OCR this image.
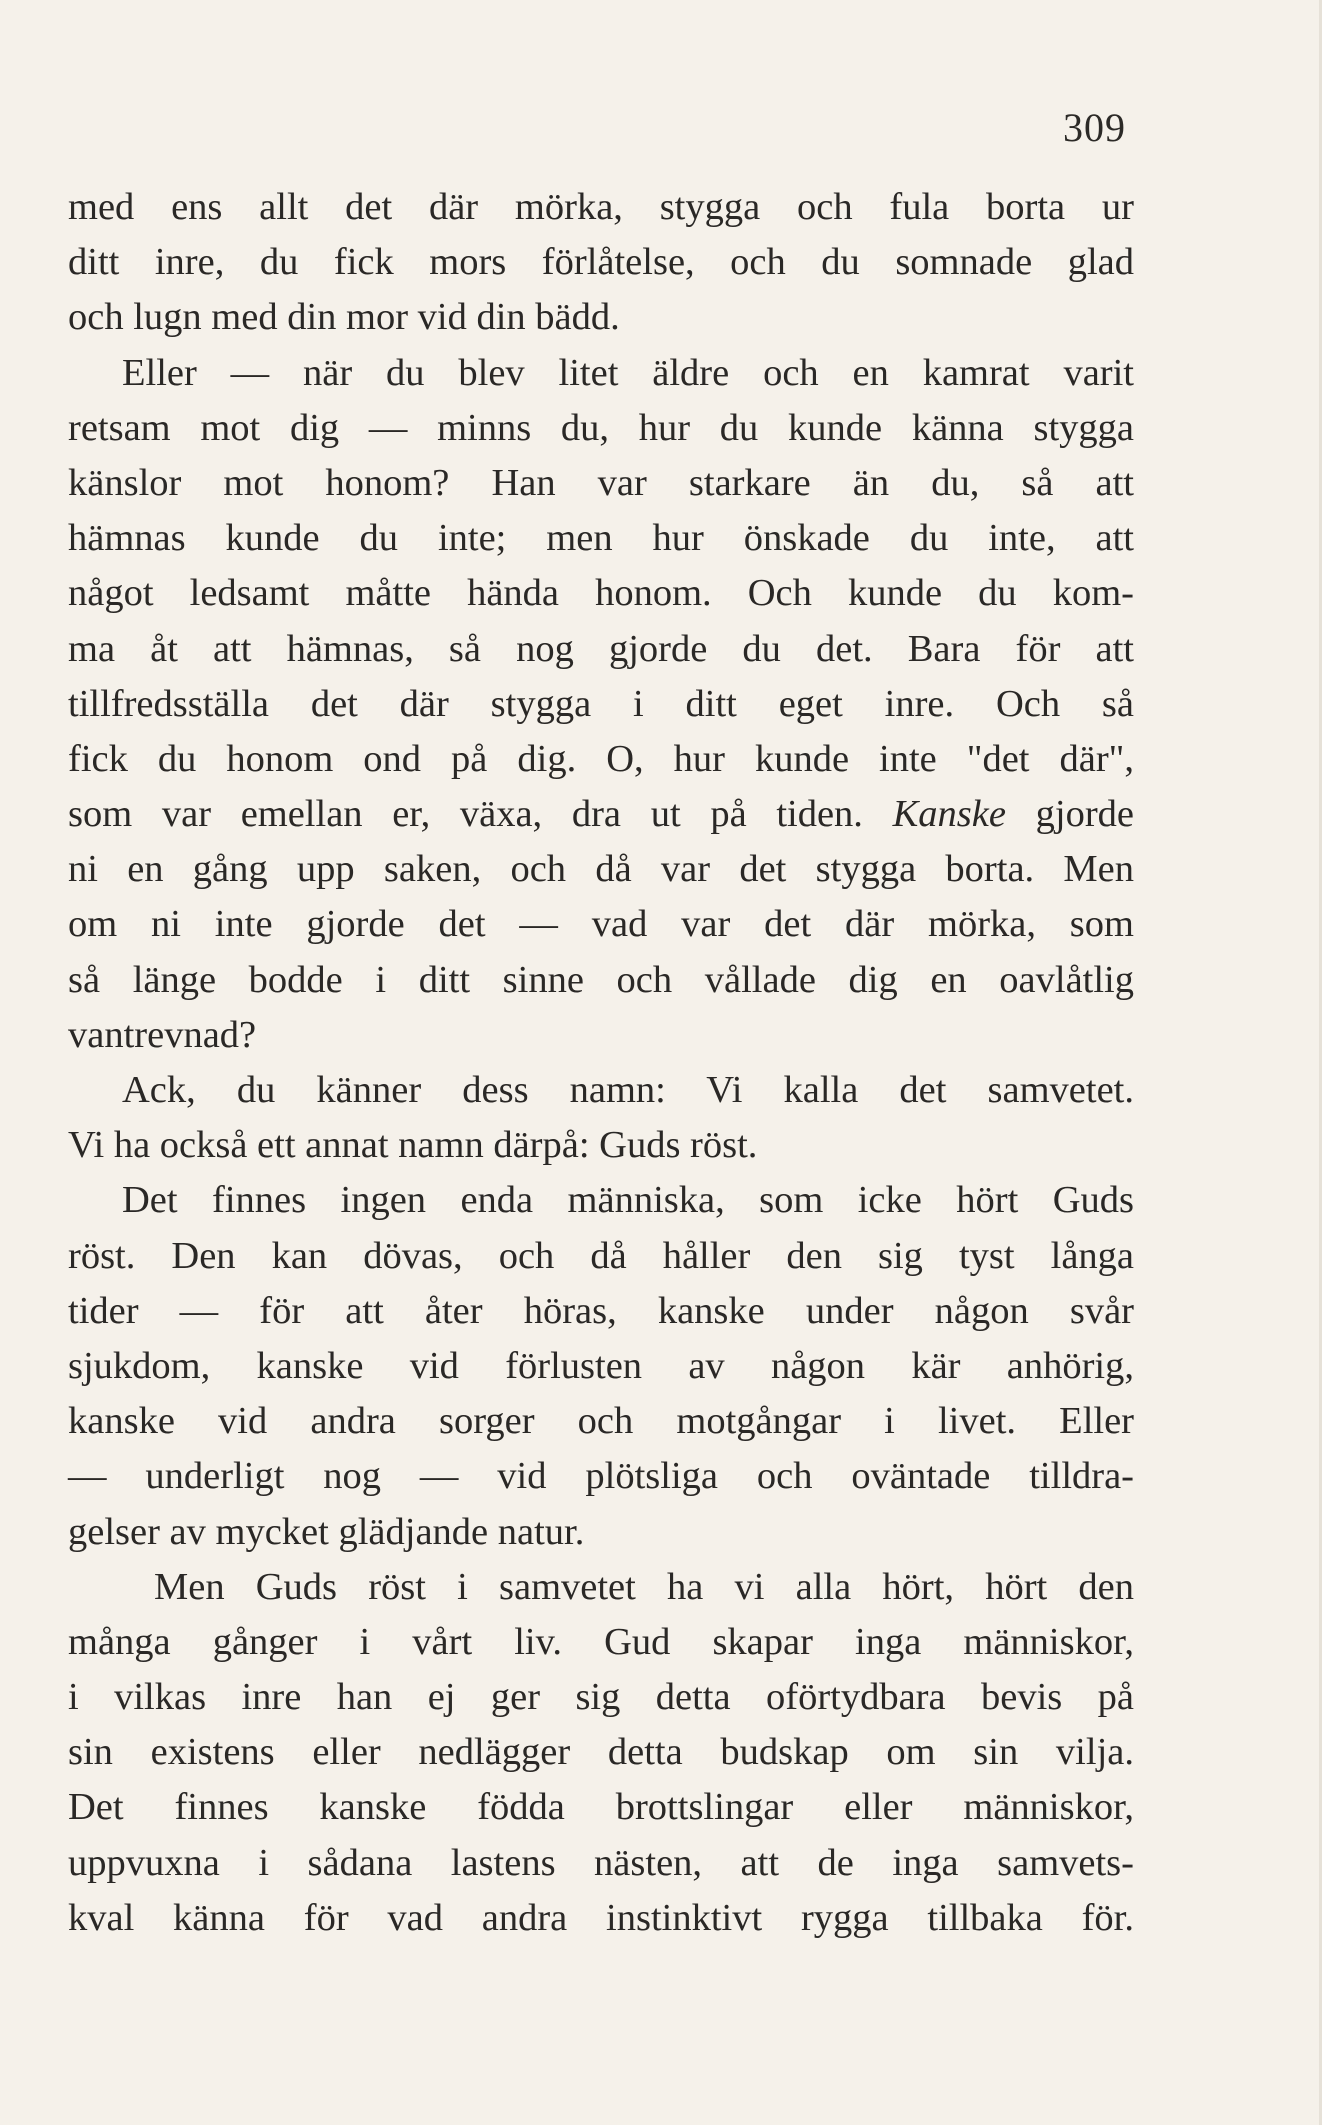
309
med ens allt det där mörka, stygga och fula borta ur
ditt inre, du fick mors förlåtelse, och du somnade glad
och lugn med din mor vid din bädd.
Eller — när du blev litet äldre och en kamrat varit
retsam mot dig — minns du, hur du kunde känna stygga
känslor mot honom? Han var starkare än du, så att
hämnas kunde du inte; men hur önskade du inte, att
något ledsamt måtte hända honom. Och kunde du kom-
ma åt att hämnas, så nog gjorde du det. Bara för att
tillfredsställa det där stygga i ditt eget inre. Och så
fick du honom ond på dig. O, hur kunde inte "det där",
som var emellan er, växa, dra ut på tiden. Kanske gjorde
ni en gång upp saken, och då var det stygga borta. Men
om ni inte gjorde det — vad var det där mörka, som
så länge bodde i ditt sinne och vållade dig en oavlåtlig
vantrevnad?
Ack, du känner dess namn: Vi kalla det samvetet.
Vi ha också ett annat namn därpå: Guds röst.
Det finnes ingen enda människa, som icke hört Guds
röst. Den kan dövas, och då håller den sig tyst långa
tider — för att åter höras, kanske under någon svår
sjukdom, kanske vid förlusten av någon kär anhörig,
kanske vid andra sorger och motgångar i livet. Eller
— underligt nog — vid plötsliga och oväntade tilldra-
gelser av mycket glädjande natur.
Men Guds röst i samvetet ha vi alla hört, hört den
många gånger i vårt liv. Gud skapar inga människor,
i vilkas inre han ej ger sig detta oförtydbara bevis på
sin existens eller nedlägger detta budskap om sin vilja.
Det finnes kanske födda brottslingar eller människor,
uppvuxna i sådana lastens nästen, att de inga samvets-
kval känna för vad andra instinktivt rygga tillbaka för.
